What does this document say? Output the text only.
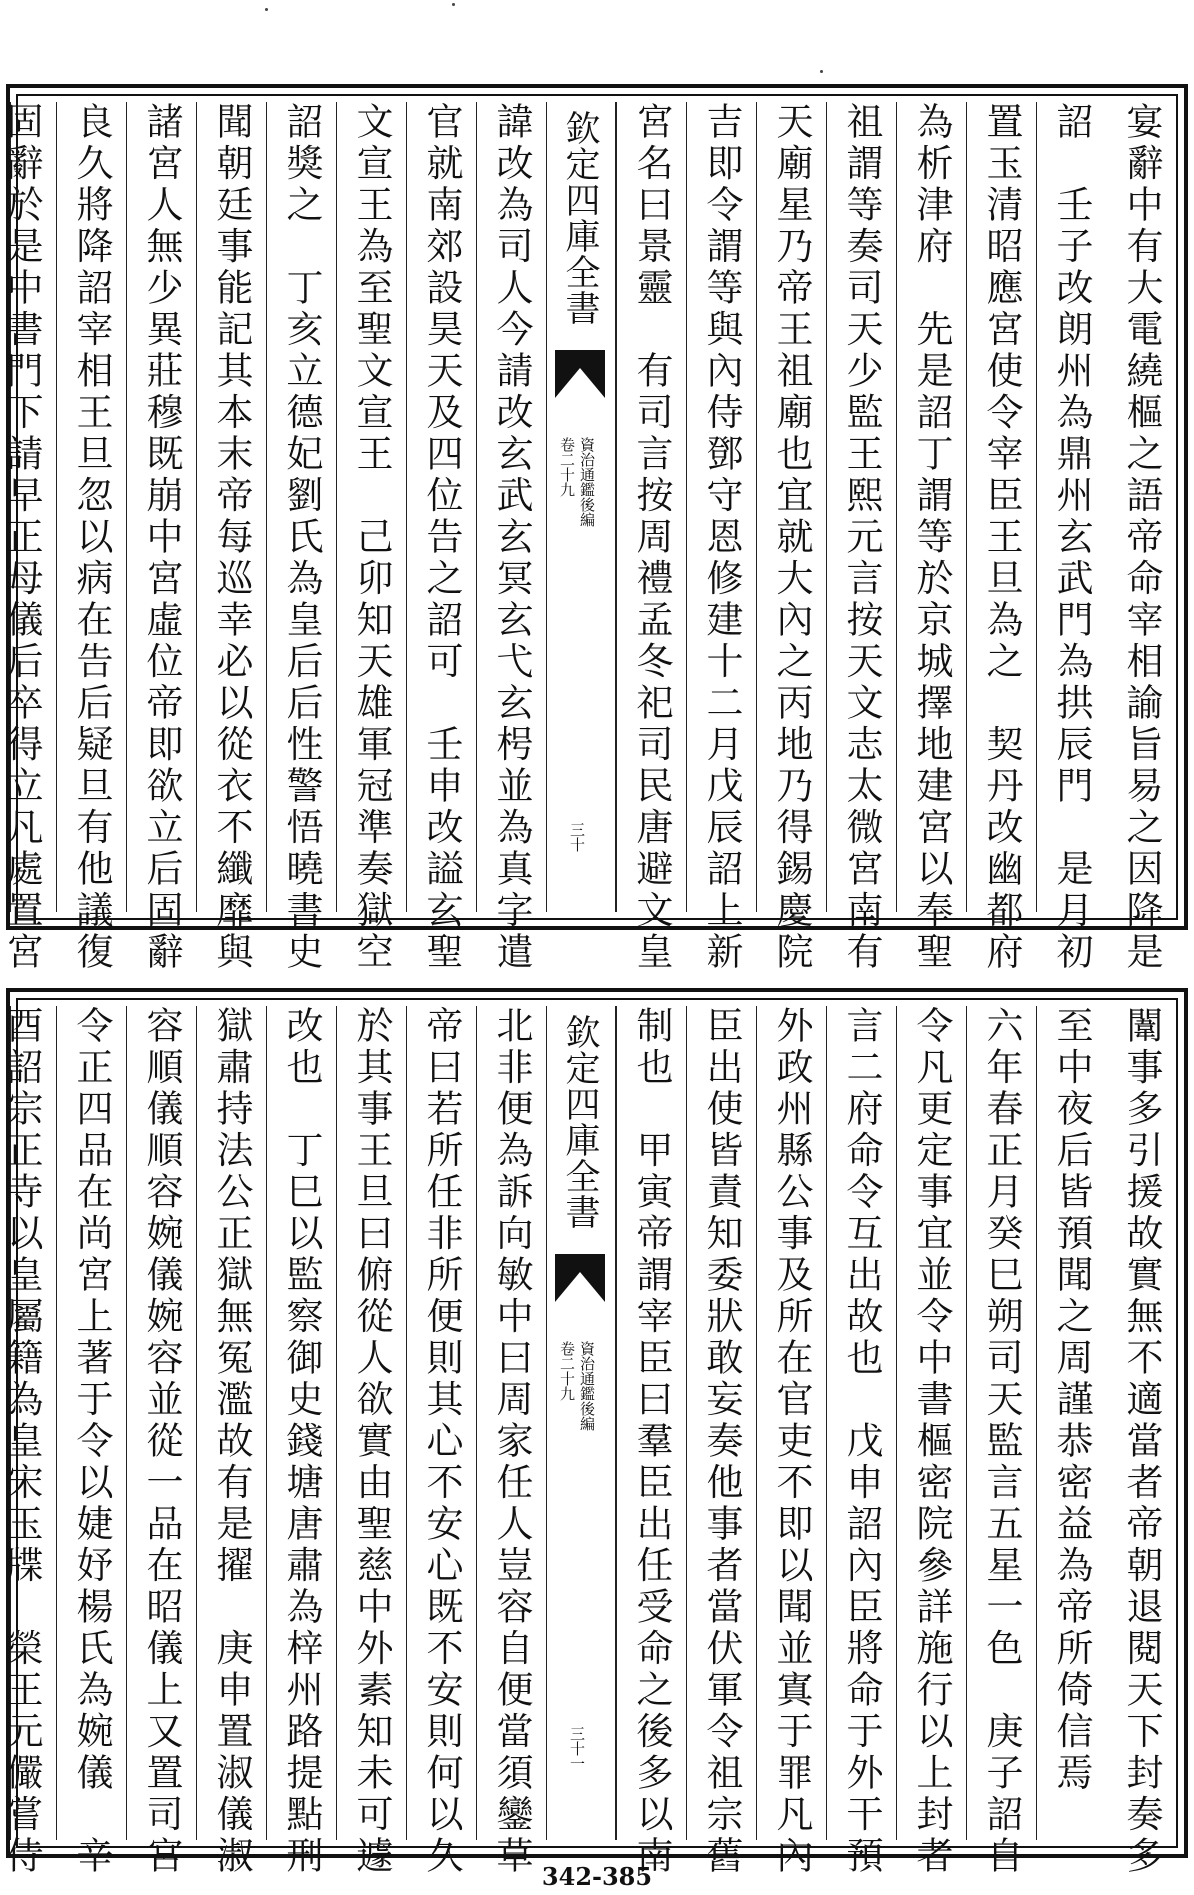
宴辭中有大電繞樞之語帝命宰相諭旨易之因降是
詔　壬子改朗州為鼎州玄武門為拱辰門　是月初
置玉清昭應宮使令宰臣王旦為之　契丹改幽都府
為析津府　先是詔丁謂等於京城擇地建宮以奉聖
祖謂等奏司天少監王熙元言按天文志太微宮南有
天廟星乃帝王祖廟也宜就大內之丙地乃得錫慶院
吉即令謂等與內侍鄧守恩修建十二月戊辰詔上新
宮名曰景靈　有司言按周禮孟冬祀司民唐避文皇
欽定四庫全書
資治通鑑後編
卷二十九
三十
諱改為司人今請改玄武玄冥玄弋玄枵並為真字遣
官就南郊設昊天及四位告之詔可　壬申改謚玄聖
文宣王為至聖文宣王　己卯知天雄軍冠準奏獄空
詔獎之　丁亥立德妃劉氏為皇后后性警悟曉書史
聞朝廷事能記其本末帝每巡幸必以從衣不纖靡與
諸宮人無少異莊穆既崩中宮虛位帝即欲立后固辭
良久將降詔宰相王旦忽以病在告后疑旦有他議復
固辭於是中書門下請早正母儀后卒得立凡處置宮
闈事多引援故實無不適當者帝朝退閱天下封奏多
至中夜后皆預聞之周謹恭密益為帝所倚信焉
六年春正月癸巳朔司天監言五星一色　庚子詔自
令凡更定事宜並令中書樞密院參詳施行以上封者
言二府命令互出故也　戊申詔內臣將命于外干預
外政州縣公事及所在官吏不即以聞並寘于罪凡內
臣出使皆責知委狀敢妄奏他事者當伏軍令祖宗舊
制也　甲寅帝謂宰臣曰羣臣出任受命之後多以南
欽定四庫全書
資治通鑑後編
卷二十九
三十一
北非便為訴向敏中曰周家任人豈容自便當須鑾草
帝曰若所任非所便則其心不安心既不安則何以久
於其事王旦曰俯從人欲實由聖慈中外素知未可遽
改也　丁巳以監察御史錢塘唐肅為梓州路提點刑
獄肅持法公正獄無冤濫故有是擢　庚申置淑儀淑
容順儀順容婉儀婉容並從一品在昭儀上又置司宮
令正四品在尚宮上著于令以婕妤楊氏為婉儀　辛
酉詔宗正寺以皇屬籍為皇宋玉牒　榮王元儼嘗侍	342-385
